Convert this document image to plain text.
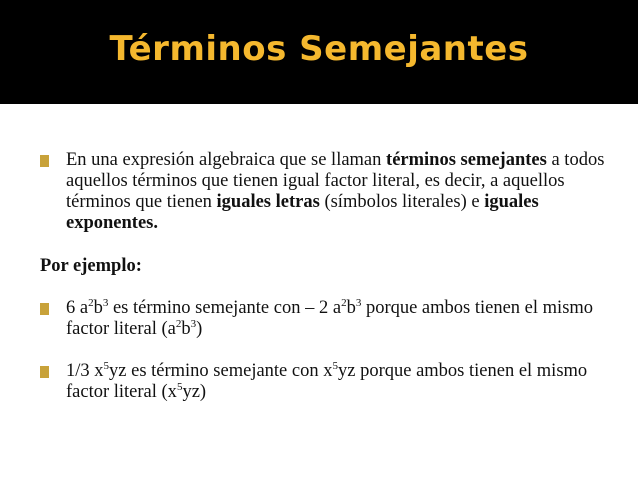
Términos Semejantes
En una expresión algebraica que se llaman términos semejantes a todos aquellos términos que tienen igual factor literal, es decir, a aquellos términos que tienen iguales letras (símbolos literales) e iguales exponentes.
Por ejemplo:
6 $a^2b^3$ es término semejante con – 2 $a^2b^3$ porque ambos tienen el mismo factor literal $(a^2b^3)$
1/3 $x^5yz$ es término semejante con $x^5yz$ porque ambos tienen el mismo factor literal $(x^5yz)$
